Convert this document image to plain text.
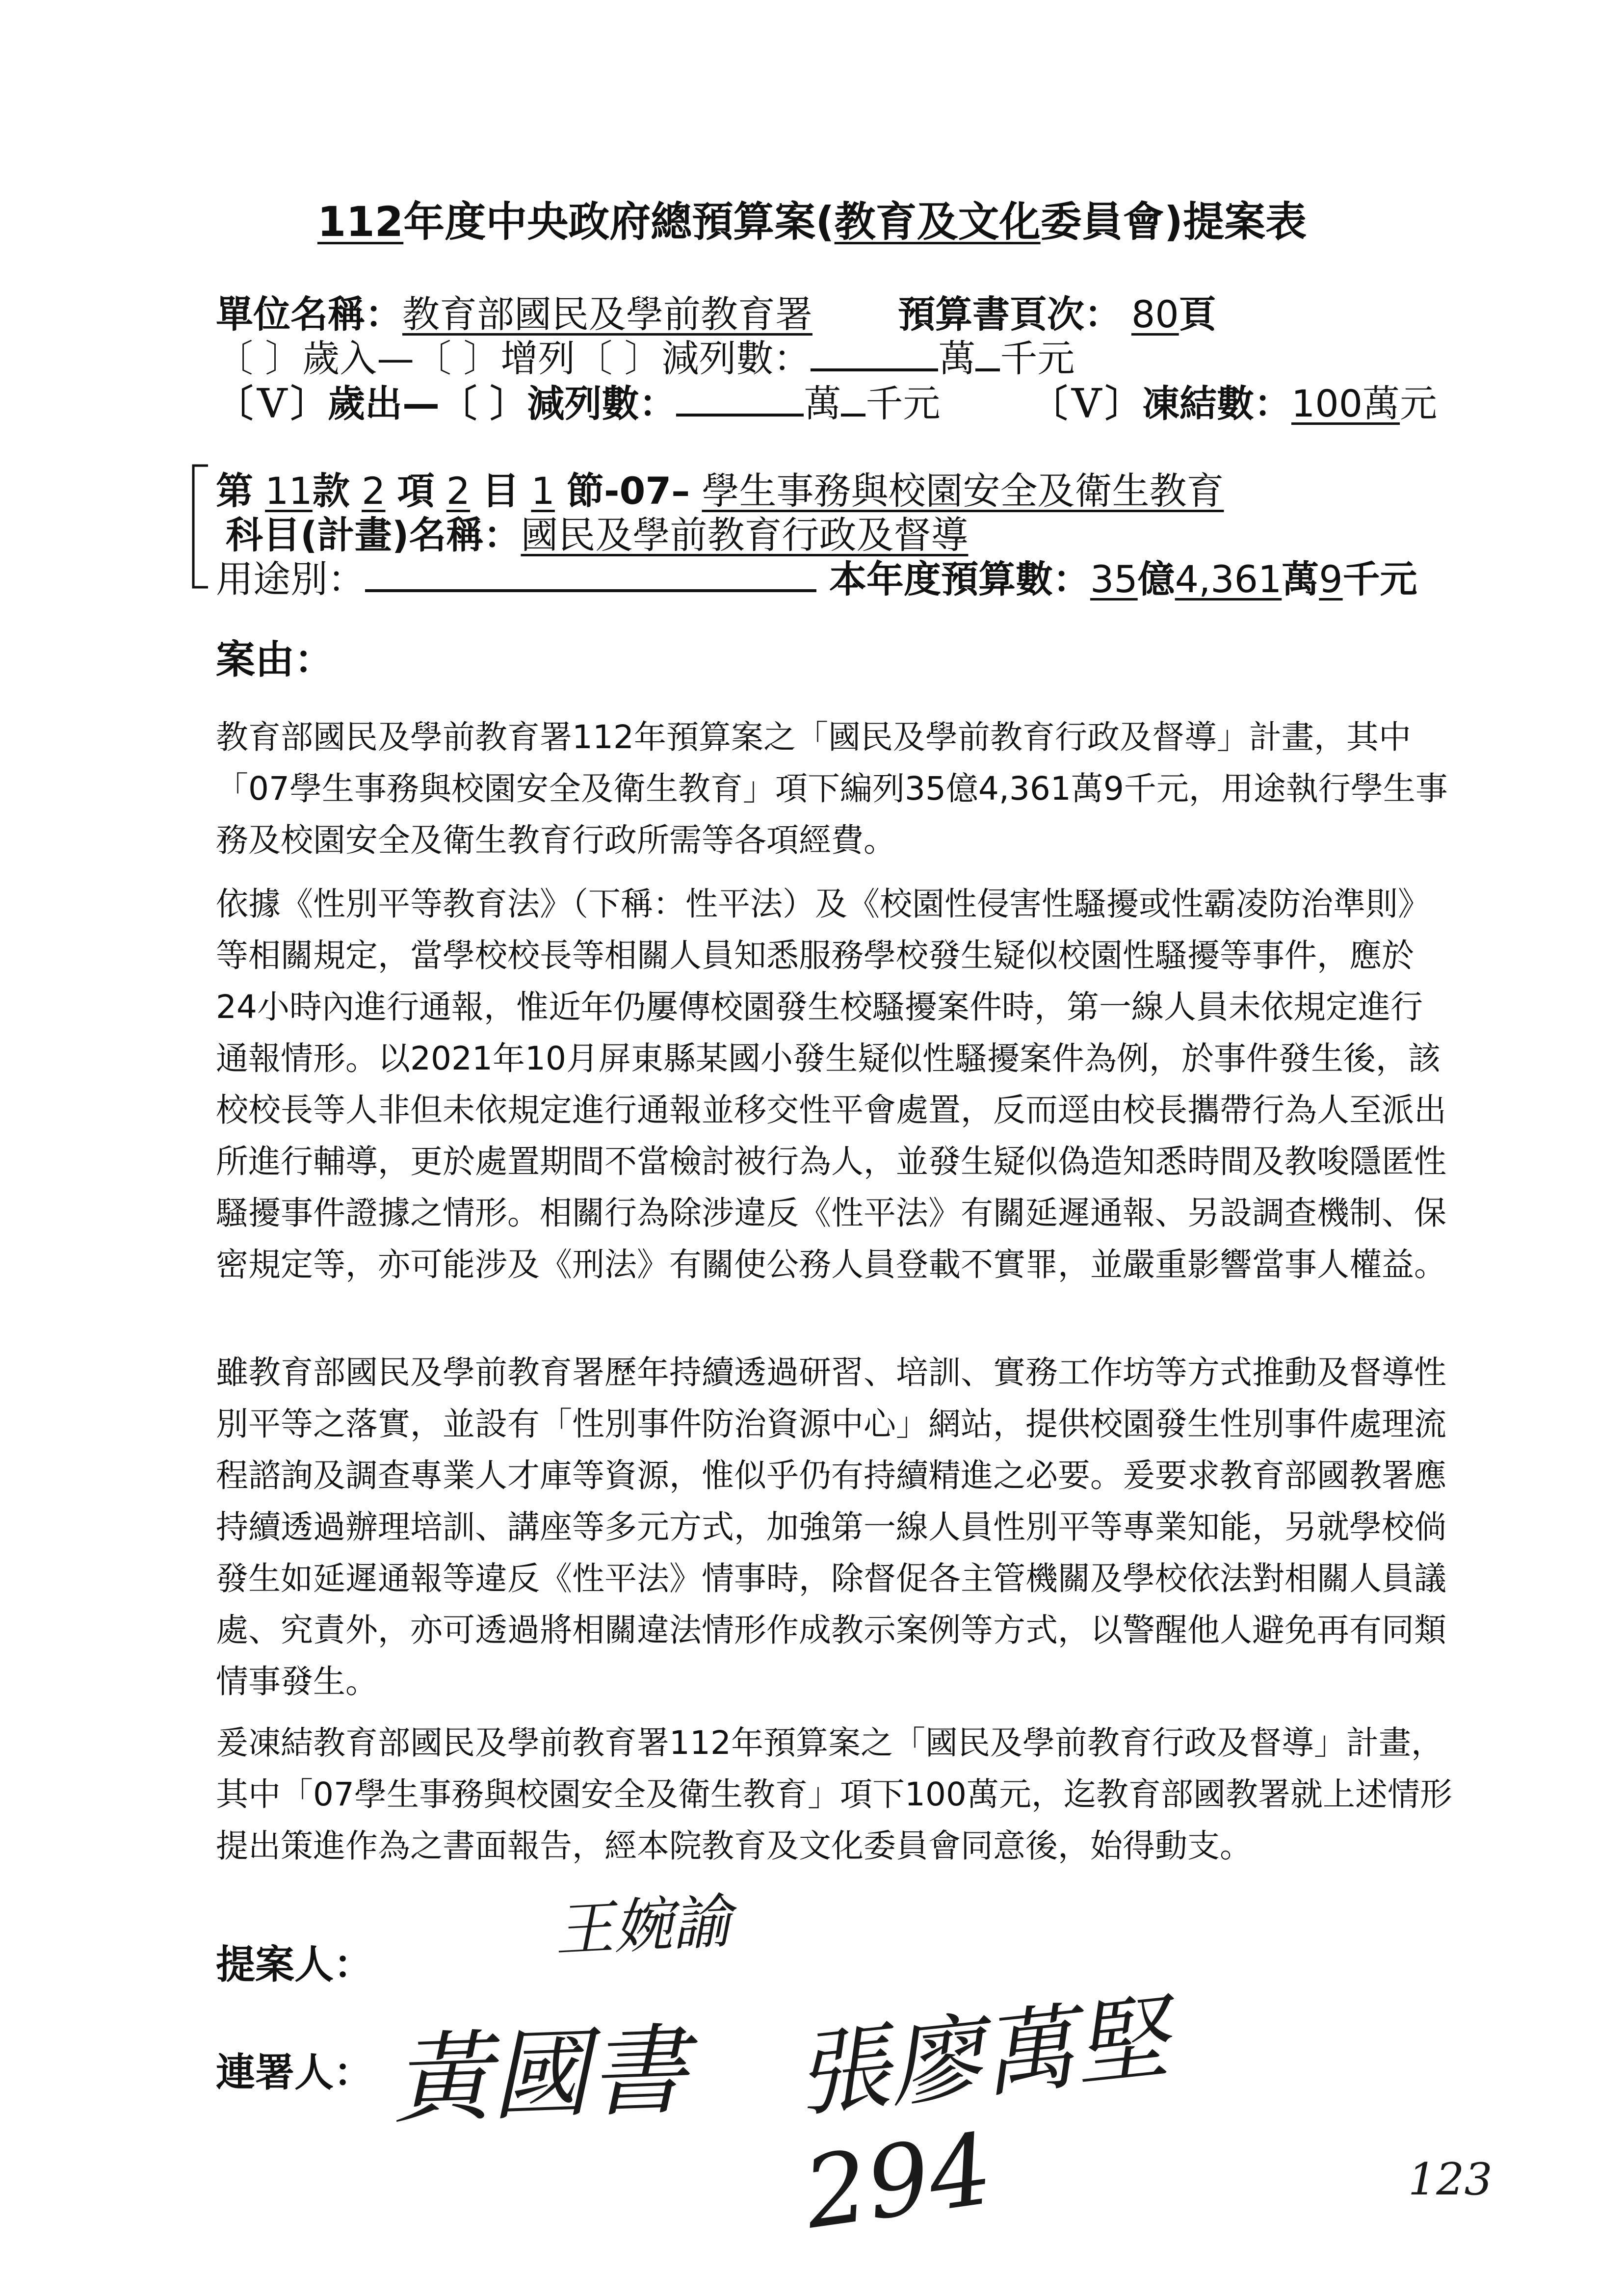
112年度中央政府總預算案(教育及文化委員會)提案表
單位名稱：教育部國民及學前教育署 預算書頁次： 80頁
〔 〕歲入—〔 〕增列〔 〕減列數：	萬 千元
〔Ｖ〕歲出—〔 〕減列數：	萬 千元 〔Ｖ〕凍結數：100萬元
第 11款 2 項 2 目 1 節-07– 學生事務與校園安全及衛生教育
科目(計畫)名稱：國民及學前教育行政及督導
用途別：	本年度預算數：35億4,361萬9千元
案由：

教育部國民及學前教育署112年預算案之「國民及學前教育行政及督導」計畫，其中「07學生事務與校園安全及衛生教育」項下編列35億4,361萬9千元，用途執行學生事務及校園安全及衛生教育行政所需等各項經費。

依據《性別平等教育法》（下稱：性平法）及《校園性侵害性騷擾或性霸凌防治準則》等相關規定，當學校校長等相關人員知悉服務學校發生疑似校園性騷擾等事件，應於24小時內進行通報，惟近年仍屢傳校園發生校騷擾案件時，第一線人員未依規定進行通報情形。以2021年10月屏東縣某國小發生疑似性騷擾案件為例，於事件發生後，該校校長等人非但未依規定進行通報並移交性平會處置，反而逕由校長攜帶行為人至派出所進行輔導，更於處置期間不當檢討被行為人，並發生疑似偽造知悉時間及教唆隱匿性騷擾事件證據之情形。相關行為除涉違反《性平法》有關延遲通報、另設調查機制、保密規定等，亦可能涉及《刑法》有關使公務人員登載不實罪，並嚴重影響當事人權益。

雖教育部國民及學前教育署歷年持續透過研習、培訓、實務工作坊等方式推動及督導性別平等之落實，並設有「性別事件防治資源中心」網站，提供校園發生性別事件處理流程諮詢及調查專業人才庫等資源，惟似乎仍有持續精進之必要。爰要求教育部國教署應持續透過辦理培訓、講座等多元方式，加強第一線人員性別平等專業知能，另就學校倘發生如延遲通報等違反《性平法》情事時，除督促各主管機關及學校依法對相關人員議處、究責外，亦可透過將相關違法情形作成教示案例等方式，以警醒他人避免再有同類情事發生。

爰凍結教育部國民及學前教育署112年預算案之「國民及學前教育行政及督導」計畫，其中「07學生事務與校園安全及衛生教育」項下100萬元，迄教育部國教署就上述情形提出策進作為之書面報告，經本院教育及文化委員會同意後，始得動支。

提案人：	王婉諭
連署人： 黃國書 張廖萬堅
294	123
